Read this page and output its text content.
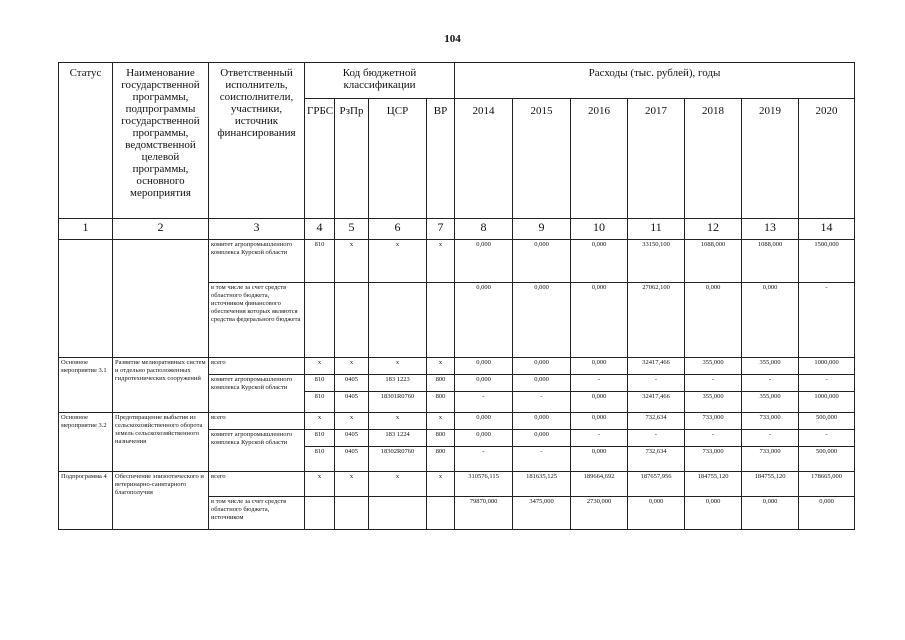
104
Статус	Наименование государственной программы, подпрограммы государственной программы, ведомственной целевой программы, основного мероприятия	Ответственный исполнитель, соисполнители, участники, источник финансирования	Код бюджетной классификации				Расходы (тыс. рублей), годы						
			ГРБС	РзПр	ЦСР	ВР	2014	2015	2016	2017	2018	2019	2020
1	2	3	4	5	6	7	8	9	10	11	12	13	14
		комитет агропромышленного комплекса Курской области	810	x	x	x	0,000	0,000	0,000	33150,100	1088,000	1088,000	1500,000
		в том числе за счет средств областного бюджета, источником финансового обеспечения которых являются средства федерального бюджета					0,000	0,000	0,000	27062,100	0,000	0,000	-
Основное мероприятие 3.1	Развитие мелиоративных систем и отдельно расположенных гидротехнических сооружений	всего	x	x	x	x	0,000	0,000	0,000	32417,466	355,000	355,000	1000,000
		комитет агропромышленного комплекса Курской области	810	0405	183 1223	800	0,000	0,000	-	-	-	-	-
			810	0405	18301R0760	800	-	-	0,000	32417,466	355,000	355,000	1000,000
Основное мероприятие 3.2	Предотвращение выбытия из сельскохозяйственного оборота земель сельскохозяйственного назначения	всего	x	x	x	x	0,000	0,000	0,000	732,634	733,000	733,000	500,000
		комитет агропромышленного комплекса Курской области	810	0405	183 1224	800	0,000	0,000	-	-	-	-	-
			810	0405	18302R0760	800	-	-	0,000	732,634	733,000	733,000	500,000
Подпрограмма 4	Обеспечение эпизоотического и ветеринарно-санитарного благополучия	всего	x	x	x	x	310576,115	181635,125	189664,692	187657,956	184755,120	184755,120	178665,000
		в том числе за счет средств областного бюджета, источником					79870,000	3475,000	2730,000	0,000	0,000	0,000	0,000
